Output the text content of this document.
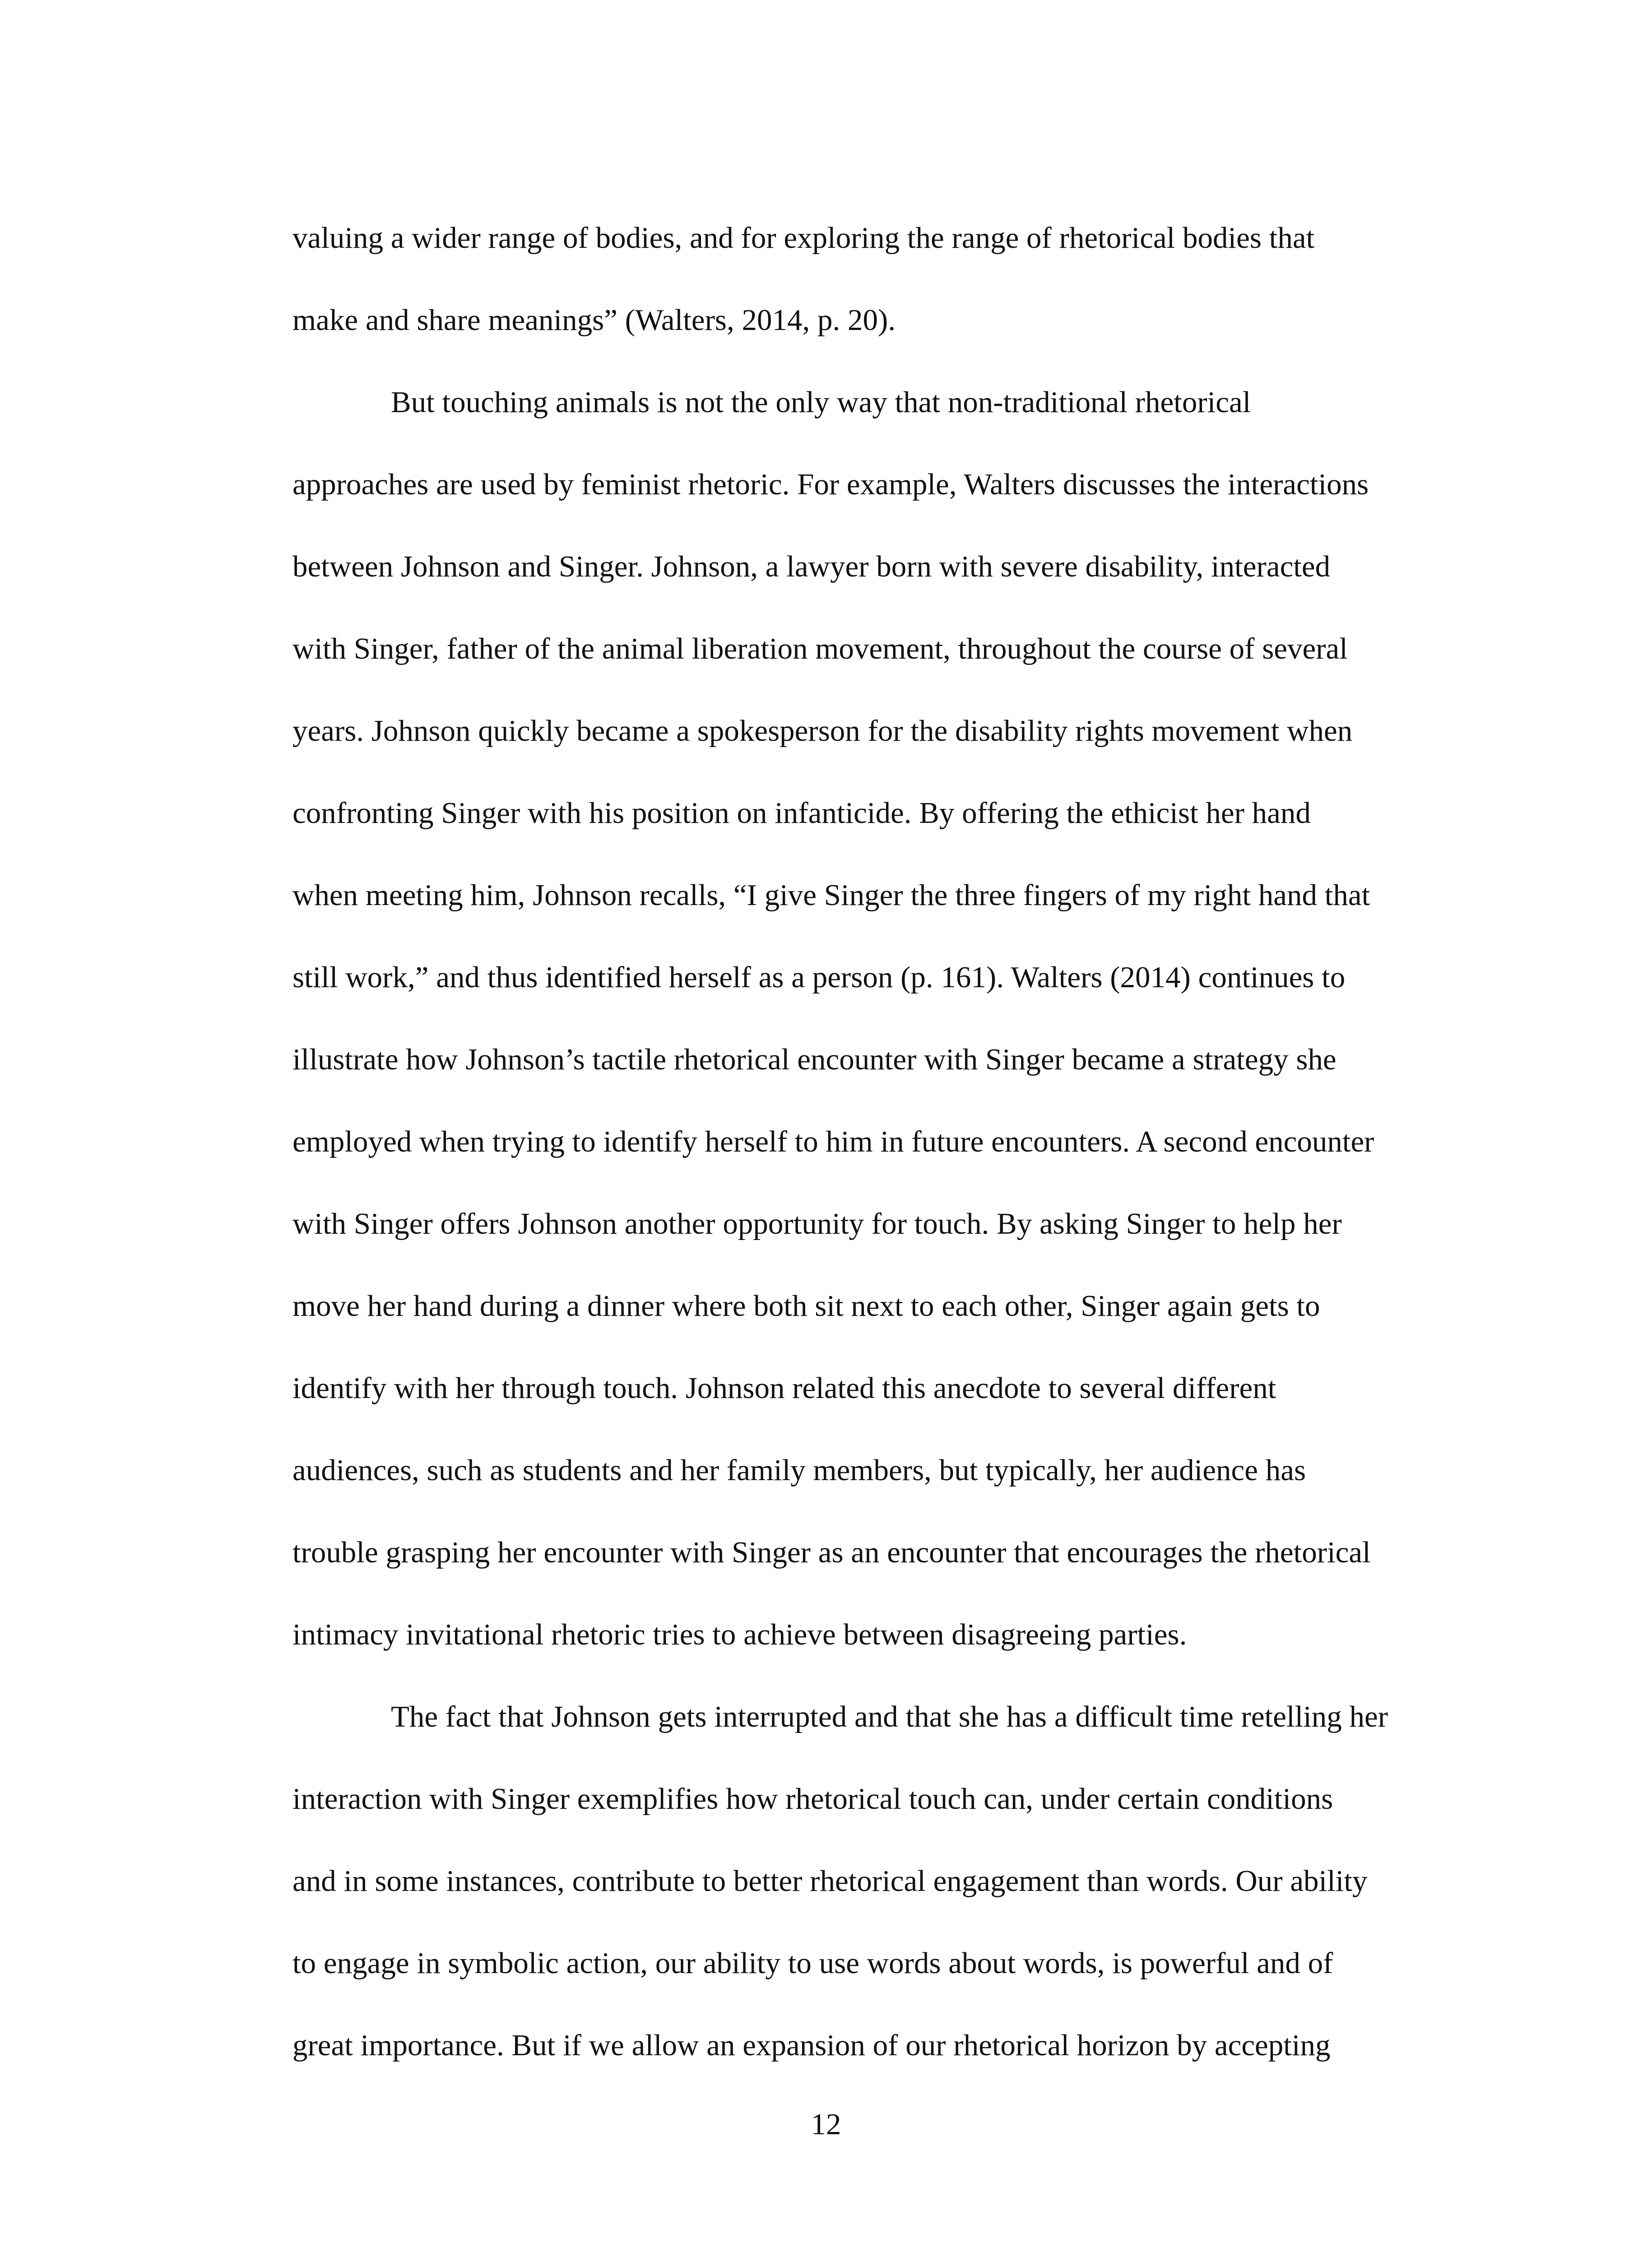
valuing a wider range of bodies, and for exploring the range of rhetorical bodies that
make and share meanings” (Walters, 2014, p. 20).
But touching animals is not the only way that non-traditional rhetorical
approaches are used by feminist rhetoric. For example, Walters discusses the interactions
between Johnson and Singer. Johnson, a lawyer born with severe disability, interacted
with Singer, father of the animal liberation movement, throughout the course of several
years. Johnson quickly became a spokesperson for the disability rights movement when
confronting Singer with his position on infanticide. By offering the ethicist her hand
when meeting him, Johnson recalls, “I give Singer the three fingers of my right hand that
still work,” and thus identified herself as a person (p. 161). Walters (2014) continues to
illustrate how Johnson’s tactile rhetorical encounter with Singer became a strategy she
employed when trying to identify herself to him in future encounters. A second encounter
with Singer offers Johnson another opportunity for touch. By asking Singer to help her
move her hand during a dinner where both sit next to each other, Singer again gets to
identify with her through touch. Johnson related this anecdote to several different
audiences, such as students and her family members, but typically, her audience has
trouble grasping her encounter with Singer as an encounter that encourages the rhetorical
intimacy invitational rhetoric tries to achieve between disagreeing parties.
The fact that Johnson gets interrupted and that she has a difficult time retelling her
interaction with Singer exemplifies how rhetorical touch can, under certain conditions
and in some instances, contribute to better rhetorical engagement than words. Our ability
to engage in symbolic action, our ability to use words about words, is powerful and of
great importance. But if we allow an expansion of our rhetorical horizon by accepting
12
